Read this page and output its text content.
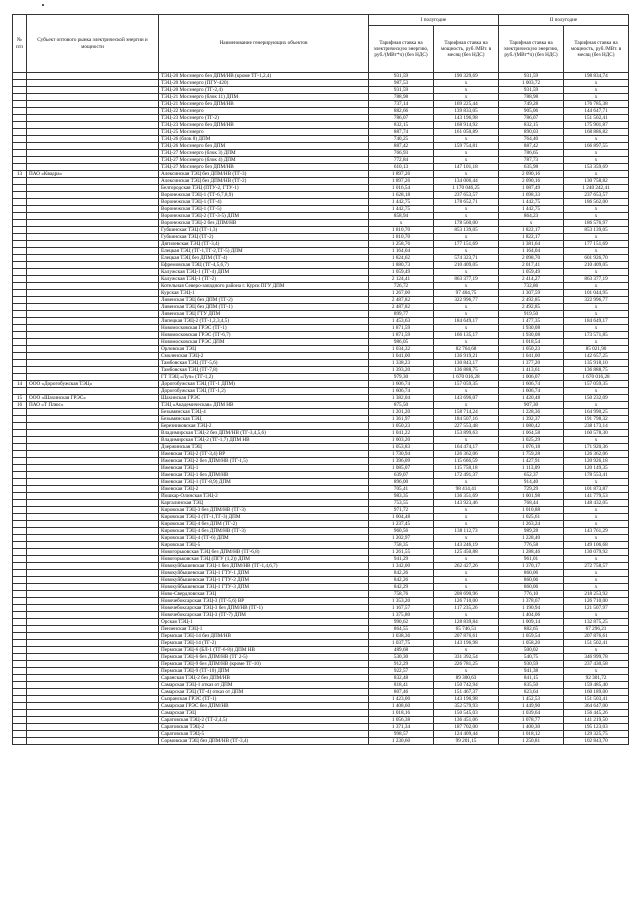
№ п/п	Субъект оптового рынка электрической энергии и мощности	Наименование генерирующих объектов	I полугодие		II полугодие	
			Тарифная ставка на электрическую энергию, руб./(МВт*ч) (без НДС)	Тарифная ставка на мощность, руб./МВт. в месяц (без НДС)	Тарифная ставка на электрическую энергию, руб./(МВт*ч) (без НДС)	Тарифная ставка на мощность, руб./МВт. в месяц (без НДС)
		ТЭЦ-20 Мосэнерго без ДПМ/НВ (кроме ТГ-1,2,4)	931,59	190 329,69	931,59	198 834,74
		ТЭЦ-20 Мосэнерго (ПГУ-420)	987,53	x	1 003,72	x
		ТЭЦ-20 Мосэнерго (ТГ-2,4)	931,59	x	931,59	x
		ТЭЦ-21 Мосэнерго (блок 11) ДПМ	788,98	x	788,98	x
		ТЭЦ-21 Мосэнерго без ДПМ/НВ	737,14	169 225,44	749,28	176 785,38
		ТЭЦ-22 Мосэнерго	882,66	139 833,05	905,06	144 647,71
		ТЭЦ-23 Мосэнерго (ТГ-2)	786,07	143 196,98	786,07	151 502,41
		ТЭЦ-23 Мосэнерго без ДПМ/НВ	832,15	168 914,92	832,15	175 901,87
		ТЭЦ-25 Мосэнерго	887,74	161 050,89	890,03	168 886,82
		ТЭЦ-26 (блок 8) ДПМ	740,25	x	764,40	x
		ТЭЦ-26 Мосэнерго без ДПМ	887,42	159 754,81	887,42	166 897,55
		ТЭЦ-27 Мосэнерго (блок 3) ДПМ	766,93	x	786,65	x
		ТЭЦ-27 Мосэнерго (блок 4) ДПМ	772,84	x	787,73	x
		ТЭЦ-27 Мосэнерго без ДПМ/НВ	610,13	147 101,18	635,98	153 359,69
13	ПАО «Квадра»	Алексинская ТЭЦ без ДПМ/НВ (ТГ-3)	1 897,26	x	2 090,16	x
		Алексинская ТЭЦ без ДПМ/НВ (ТГ-2)	1 897,26	134 006,44	2 090,16	130 758,82
		Белгородская ТЭЦ (ПТУ-2, ГТУ-1)	1 016,54	1 170 046,25	1 087,49	1 240 242,41
		Воронежская ТЭЦ-1 (ТГ-6,7,8,9)	1 628,18	237 653,57	1 698,33	237 653,57
		Воронежская ТЭЦ-1 (ТГ-4)	1 442,75	178 652,71	1 442,75	186 562,00
		Воронежская ТЭЦ-1 (ТГ-5)	1 442,75	x	1 442,75	x
		Воронежская ТЭЦ-2 (ТГ-3-5) ДПМ	858,94	x	864,23	x
		Воронежская ТЭЦ-2 без ДПМ/НВ	x	178 560,00	x	186 576,97
		Губкинская ТЭЦ (ТГ-1,3)	1 810,70	853 139,05	1 822,17	853 139,05
		Губкинская ТЭЦ (ТГ-2)	1 810,70	x	1 822,17	x
		Дягилевская ТЭЦ (ТГ-3,4)	1 258,76	177 151,69	1 381,64	177 151,69
		Елецкая ТЭЦ (ТГ-1,ТГ-2,ТГ-5) ДПМ	1 164,04	x	1 164,04	x
		Елецкая ТЭЦ без ДПМ (ТГ-4)	1 824,62	574 323,71	2 098,70	601 926,70
		Ефремовская ТЭЦ (ТГ-4,5,6,7)	1 880,73	210 409,05	2 017,41	210 409,05
		Калужская ТЭЦ-1 (ТГ-4) ДПМ	1 059,49	x	1 059,49	x
		Калужская ТЭЦ-1 (ТГ-2)	2 124,41	863 377,19	2 414,27	863 377,19
		Котельная Северо-западного района г. Курск ПГУ ДПМ	726,72	x	732,86	x
		Курская ТЭЦ-1	1 267,00	97 404,75	1 307,59	101 044,95
		Ливенская ТЭЦ без ДПМ (ТГ-2)	2 487,82	322 996,77	2 492,85	322 996,77
		Ливенская ТЭЦ без ДПМ (ТГ-1)	2 487,82	x	2 492,85	x
		Ливенская ТЭЦ ГТУ ДПМ	899,77	x	919,50	x
		Липецкая ТЭЦ-2 (ТГ-1,2,3,4,5)	1 453,63	184 649,17	1 477,35	184 649,17
		Новомосковская ГРЭС (ТГ-1)	1 871,59	x	1 930,08	x
		Новомосковская ГРЭС (ТГ-6,7)	1 871,59	166 135,17	1 930,08	173 571,85
		Новомосковская ГРЭС ДПМ	986,05	x	1 018,54	x
		Орловская ТЭЦ	1 034,32	82 764,68	1 050,23	85 021,90
		Смоленская ТЭЦ-2	1 041,00	136 919,21	1 041,00	142 657,25
		Тамбовская ТЭЦ (ТГ-5,6)	1 338,23	130 843,17	1 377,20	135 918,10
		Тамбовская ТЭЦ (ТГ-7,8)	1 393,20	136 888,75	1 413,61	136 888,75
		ГТ ТЭЦ «Луч» (ТГ-1,2)	979,30	1 670 016,28	1 006,07	1 670 016,28
14	ООО «Дорогобужская ТЭЦ»	Дорогобужская ТЭЦ (ТГ-1 ДПМ)	1 606,74	157 059,35	1 606,74	157 059,35
		Дорогобужская ТЭЦ (ТГ-1,2)	1 606,74	x	1 606,74	x
15	ООО «Шахинская ГРЭС»	Шахинская ГРЭС	1 382,04	143 696,07	1 420,48	150 232,09
16	ПАО «Т Плюс»	ТЭЦ «Академическая» ДПМ НВ	875,50	x	907,30	x
		Безымянская ТЭЦ-4	1 201,20	158 714,24	1 228,36	164 990,25
		Безымянская ТЭЦ	1 361,97	184 507,16	1 392,37	191 798,32
		Березниковская ТЭЦ-2	1 050,23	227 553,48	1 080,42	238 173,14
		Владимирская ТЭЦ-2 без ДПМ/НВ (ТГ-3,4,5,6)	1 041,22	153 899,63	1 064,58	160 578,30
		Владимирская ТЭЦ-2 (ТГ-1,7) ДПМ НВ	1 003,20	x	1 025,29	x
		Дзержинская ТЭЦ	1 053,83	164 474,17	1 076,18	171 920,36
		Ижевская ТЭЦ-2 (ТГ-3,4) ВР	1 730,94	126 362,06	1 759,28	126 362,06
		Ижевская ТЭЦ-2 без ДПМ/НВ (ТГ-1,5)	1 396,09	115 666,59	1 427,91	120 926,18
		Ижевская ТЭЦ-1	1 085,07	115 758,18	1 113,09	120 149,35
		Ижевская ТЭЦ-1 без ДПМ/НВ	639,07	172 491,37	652,37	178 553,41
		Ижевская ТЭЦ-1 (ТГ-8,9) ДПМ	896,00	x	914,40	x
		Ижевская ТЭЦ-2	705,41	98 414,41	729,29	101 873,87
		Йошкар-Олинская ТЭЦ-2	983,35	136 351,69	1 001,98	141 779,53
		Каргалинская ТЭЦ	753,55	143 923,46	768,44	148 432,05
		Кировская ТЭЦ-3 без ДПМ/НВ (ТГ-3)	971,72	x	1 010,88	x
		Кировская ТЭЦ-3 (ТГ-1,ТГ-3) ДПМ	1 004,48	x	1 025,61	x
		Кировская ТЭЦ-4 без ДПМ (ТГ-2)	1 237,45	x	1 263,24	x
		Кировская ТЭЦ-4 без ДПМ/НВ (ТГ-3)	960,56	138 112,73	989,28	143 761,29
		Кировская ТЭЦ-4 (ТГ-6) ДПМ	1 202,97	x	1 228,40	x
		Кировская ТЭЦ-5	758,35	143 246,19	776,58	149 106,68
		Новогорьковская ТЭЦ без ДПМ/НВ (ТГ-6,8)	1 261,55	125 450,88	1 288,46	130 079,92
		Новогорьковская ТЭЦ (ПГУ (1,2)) ДПМ	941,29	x	961,01	x
		Новокуйбышевская ТЭЦ-1 без ДПМ/НВ (ТГ-1,4,6,7)	1 342,00	262 427,26	1 370,17	272 758,57
		Новокуйбышевская ТЭЦ-1 ГТУ-1 ДПМ	842,26	x	860,06	x
		Новокуйбышевская ТЭЦ-1 ГТУ-2 ДПМ	842,26	x	860,06	x
		Новокуйбышевская ТЭЦ-1 ГТУ-3 ДПМ	842,29	x	860,06	x
		Ново-Свердловская ТЭЦ	758,76	208 690,96	776,10	218 253,92
		Новочебоксарская ТЭЦ-3 (ТГ-5,6) ВР	1 353,20	126 710,00	1 378,67	126 710,00
		Новочебоксарская ТЭЦ-3 без ДПМ/НВ (ТГ-1)	1 167,57	117 235,26	1 190,94	121 507,97
		Новочебоксарская ТЭЦ-3 (ТГ-7) ДПМ	1 375,80	x	1 404,06	x
		Орская ТЭЦ-1	990,62	128 839,84	1 009,14	132 875,25
		Пензенская ТЭЦ-1	864,55	65 746,51	882,65	67 296,21
		Пермская ТЭЦ-14 без ДПМ/НВ	1 038,36	207 876,61	1 059,54	207 876,61
		Пермская ТЭЦ-14 (ТГ-2)	1 037,75	143 196,98	1 058,20	151 502,41
		Пермская ТЭЦ-6 (БЛ-1 (ТГ-6-8)) ДПМ НВ	489,68	x	500,02	x
		Пермская ТЭЦ-6 без ДПМ/НВ (ТГ 2-5)	530,30	331 392,54	540,75	346 999,78
		Пермская ТЭЦ-9 без ДПМ/НВ (кроме ТГ-10)	912,29	226 781,25	930,59	237 430,58
		Пермская ТЭЦ-9 (ТГ-10) ДПМ	922,57	x	941,38	x
		Саранская ТЭЦ-2 без ДПМ/НВ	832,48	89 300,63	841,15	92 301,72
		Самарская ТЭЦ-1 отказ от ДПМ	818,41	150 742,94	835,50	159 485,40
		Самарская ТЭЦ (ТГ-4) отказ от ДПМ	807,46	151 467,37	823,64	160 189,00
		Сызранская ГРЭС (ТГ-1)	1 423,00	143 196,98	1 452,53	151 503,41
		Самарская ГРЭС без ДПМ/НВ	1 408,60	352 579,93	1 449,90	364 647,00
		Самарская ТЭЦ	1 018,16	150 545,03	1 039,64	156 445,26
		Саратовская ТЭЦ-2 (ТГ-2,4,5)	1 056,38	136 451,06	1 078,77	141 219,50
		Саратовская ТЭЦ-2	1 371,34	187 702,00	1 400,30	195 123,03
		Саратовская ТЭЦ-5	998,57	124 409,44	1 018,12	129 325,75
		Сормовская ТЭЦ без ДПМ/НВ (ТГ-3,4)	1 230,60	99 201,15	1 250,81	102 843,70
